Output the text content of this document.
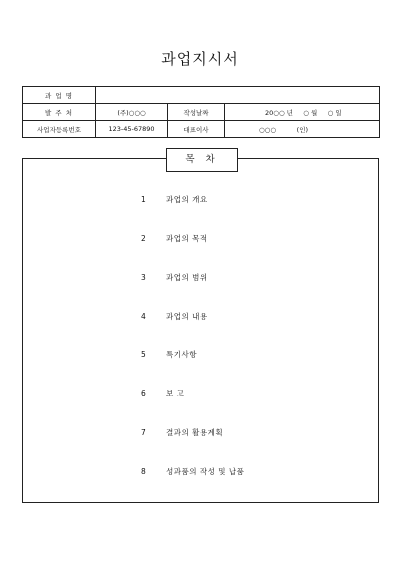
과업지시서
과 업 명			
발 주 처	(주)○○○	작성날짜	20○○ 년     ○ 월     ○ 일
사업자등록번호	123-45-67890	대표이사	○○○          (인)
목 차
1	과업의 개요
2	과업의 목적
3	과업의 범위
4	과업의 내용
5	특기사항
6	보 고
7	결과의 활용계획
8	성과품의 작성 및 납품
